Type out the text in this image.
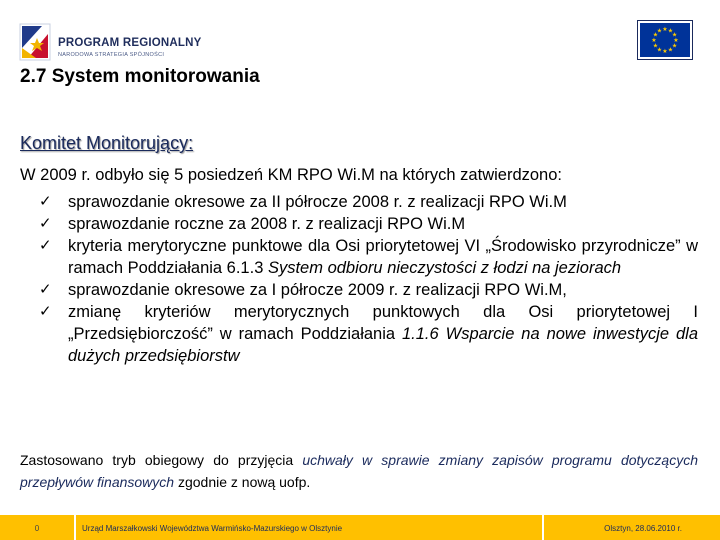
PROGRAM REGIONALNY
NARODOWA STRATEGIA SPÓJNOŚCI
★
★
★
★
★
★
★
★
★ ★ ★
★
2.7 System monitorowania
Komitet Monitorujący:
W 2009 r. odbyło się 5 posiedzeń KM RPO Wi.M na których zatwierdzono:
✓ sprawozdanie okresowe za II półrocze 2008 r. z realizacji RPO Wi.M
✓ sprawozdanie roczne za 2008 r. z realizacji RPO Wi.M
✓ kryteria merytoryczne punktowe dla Osi priorytetowej VI „Środowisko przyrodnicze” w ramach Poddziałania 6.1.3 System odbioru nieczystości z łodzi na jeziorach
✓ sprawozdanie okresowe za I półrocze 2009 r. z realizacji RPO Wi.M,
✓ zmianę kryteriów merytorycznych punktowych dla Osi priorytetowej I „Przedsiębiorczość” w ramach Poddziałania 1.1.6 Wsparcie na nowe inwestycje dla dużych przedsiębiorstw

Zastosowano tryb obiegowy do przyjęcia uchwały w sprawie zmiany zapisów programu dotyczących przepływów finansowych zgodnie z nową uofp.

0	Urząd Marszałkowski Województwa Warmińsko-Mazurskiego w Olsztynie	Olsztyn, 28.06.2010 r.
